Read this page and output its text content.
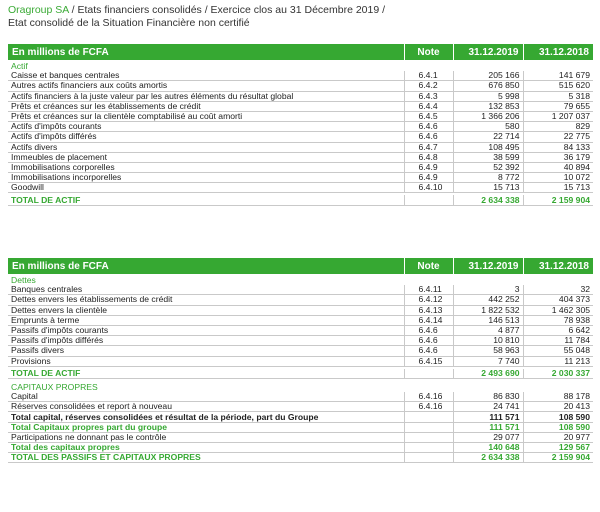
Oragroup SA / Etats financiers consolidés / Exercice clos au 31 Décembre 2019 /
Etat consolidé de la Situation Financière non certifié
En millions de FCFA	Note	31.12.2019	31.12.2018
Actif			
Caisse et banques centrales	6.4.1	205 166	141 679
Autres actifs financiers aux coûts amortis	6.4.2	676 850	515 620
Actifs financiers à la juste valeur par les autres éléments du résultat global	6.4.3	5 998	5 318
Prêts et créances sur les établissements de crédit	6.4.4	132 853	79 655
Prêts et créances sur la clientèle comptabilisé au coût amorti	6.4.5	1 366 206	1 207 037
Actifs d'impôts courants	6.4.6	580	829
Actifs d'impôts différés	6.4.6	22 714	22 775
Actifs divers	6.4.7	108 495	84 133
Immeubles de placement	6.4.8	38 599	36 179
Immobilisations corporelles	6.4.9	52 392	40 894
Immobilisations incorporelles	6.4.9	8 772	10 072
Goodwill	6.4.10	15 713	15 713

TOTAL DE ACTIF		2 634 338	2 159 904
En millions de FCFA	Note	31.12.2019	31.12.2018
Dettes			
Banques centrales	6.4.11	3	32
Dettes envers les établissements de crédit	6.4.12	442 252	404 373
Dettes envers la clientèle	6.4.13	1 822 532	1 462 305
Emprunts à terme	6.4.14	146 513	78 938
Passifs d'impôts courants	6.4.6	4 877	6 642
Passifs d'impôts différés	6.4.6	10 810	11 784
Passifs divers	6.4.6	58 963	55 048
Provisions	6.4.15	7 740	11 213

TOTAL DE ACTIF		2 493 690	2 030 337

CAPITAUX PROPRES			
Capital	6.4.16	86 830	88 178
Réserves consolidées et report à nouveau	6.4.16	24 741	20 413
Total capital, réserves consolidées et résultat de la période, part du Groupe		111 571	108 590
Total Capitaux propres part du groupe		111 571	108 590
Participations ne donnant pas le contrôle		29 077	20 977
Total des capitaux propres		140 648	129 567
TOTAL DES PASSIFS ET CAPITAUX PROPRES		2 634 338	2 159 904
